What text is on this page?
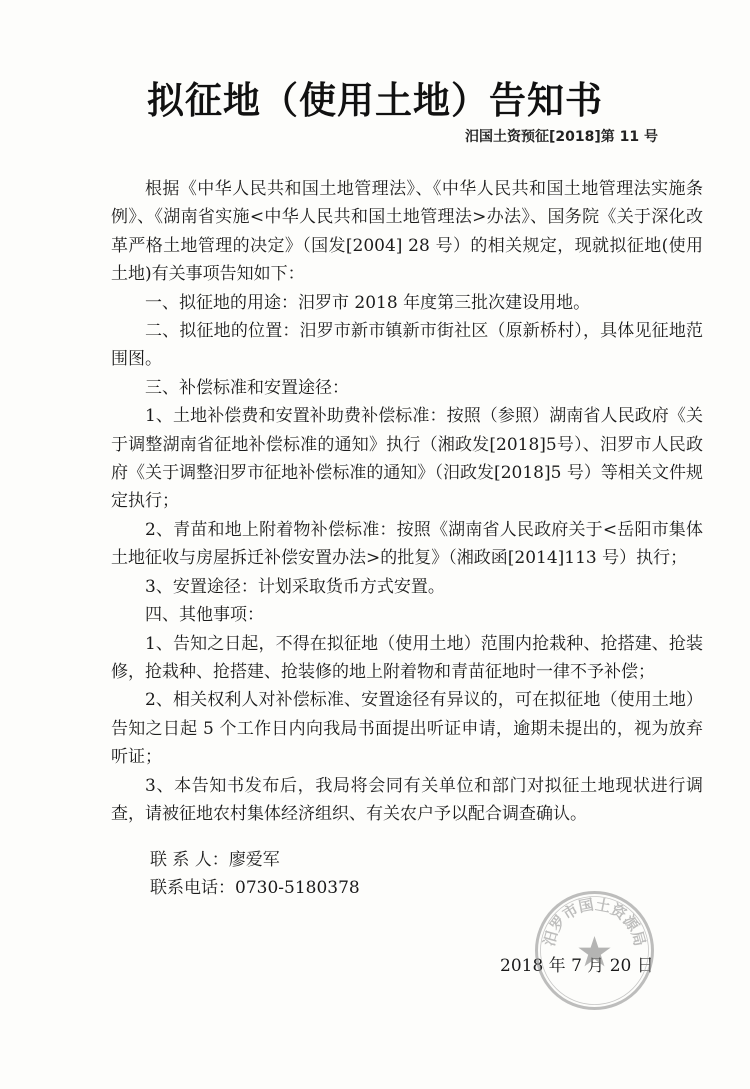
拟征地（使用土地）告知书
汨国土资预征[2018]第 11 号

根据《中华人民共和国土地管理法》、《中华人民共和国土地管理法实施条例》、《湖南省实施<中华人民共和国土地管理法>办法》、国务院《关于深化改革严格土地管理的决定》（国发[2004] 28 号）的相关规定，现就拟征地(使用土地)有关事项告知如下：

一、拟征地的用途：汨罗市 2018 年度第三批次建设用地。

二、拟征地的位置：汨罗市新市镇新市街社区（原新桥村），具体见征地范围图。

三、补偿标准和安置途径：

1、土地补偿费和安置补助费补偿标准：按照（参照）湖南省人民政府《关于调整湖南省征地补偿标准的通知》执行（湘政发[2018]5号）、汨罗市人民政府《关于调整汨罗市征地补偿标准的通知》（汨政发[2018]5 号）等相关文件规定执行；

2、青苗和地上附着物补偿标准：按照《湖南省人民政府关于<岳阳市集体土地征收与房屋拆迁补偿安置办法>的批复》（湘政函[2014]113 号）执行；

3、安置途径：计划采取货币方式安置。

四、其他事项：

1、告知之日起，不得在拟征地（使用土地）范围内抢栽种、抢搭建、抢装修，抢栽种、抢搭建、抢装修的地上附着物和青苗征地时一律不予补偿；

2、相关权利人对补偿标准、安置途径有异议的，可在拟征地（使用土地）告知之日起 5 个工作日内向我局书面提出听证申请，逾期未提出的，视为放弃听证；

3、本告知书发布后，我局将会同有关单位和部门对拟征土地现状进行调查，请被征地农村集体经济组织、有关农户予以配合调查确认。

联 系 人：廖爱军
联系电话：0730-5180378
2018 年 7 月 20 日
汨罗市国土资源局
